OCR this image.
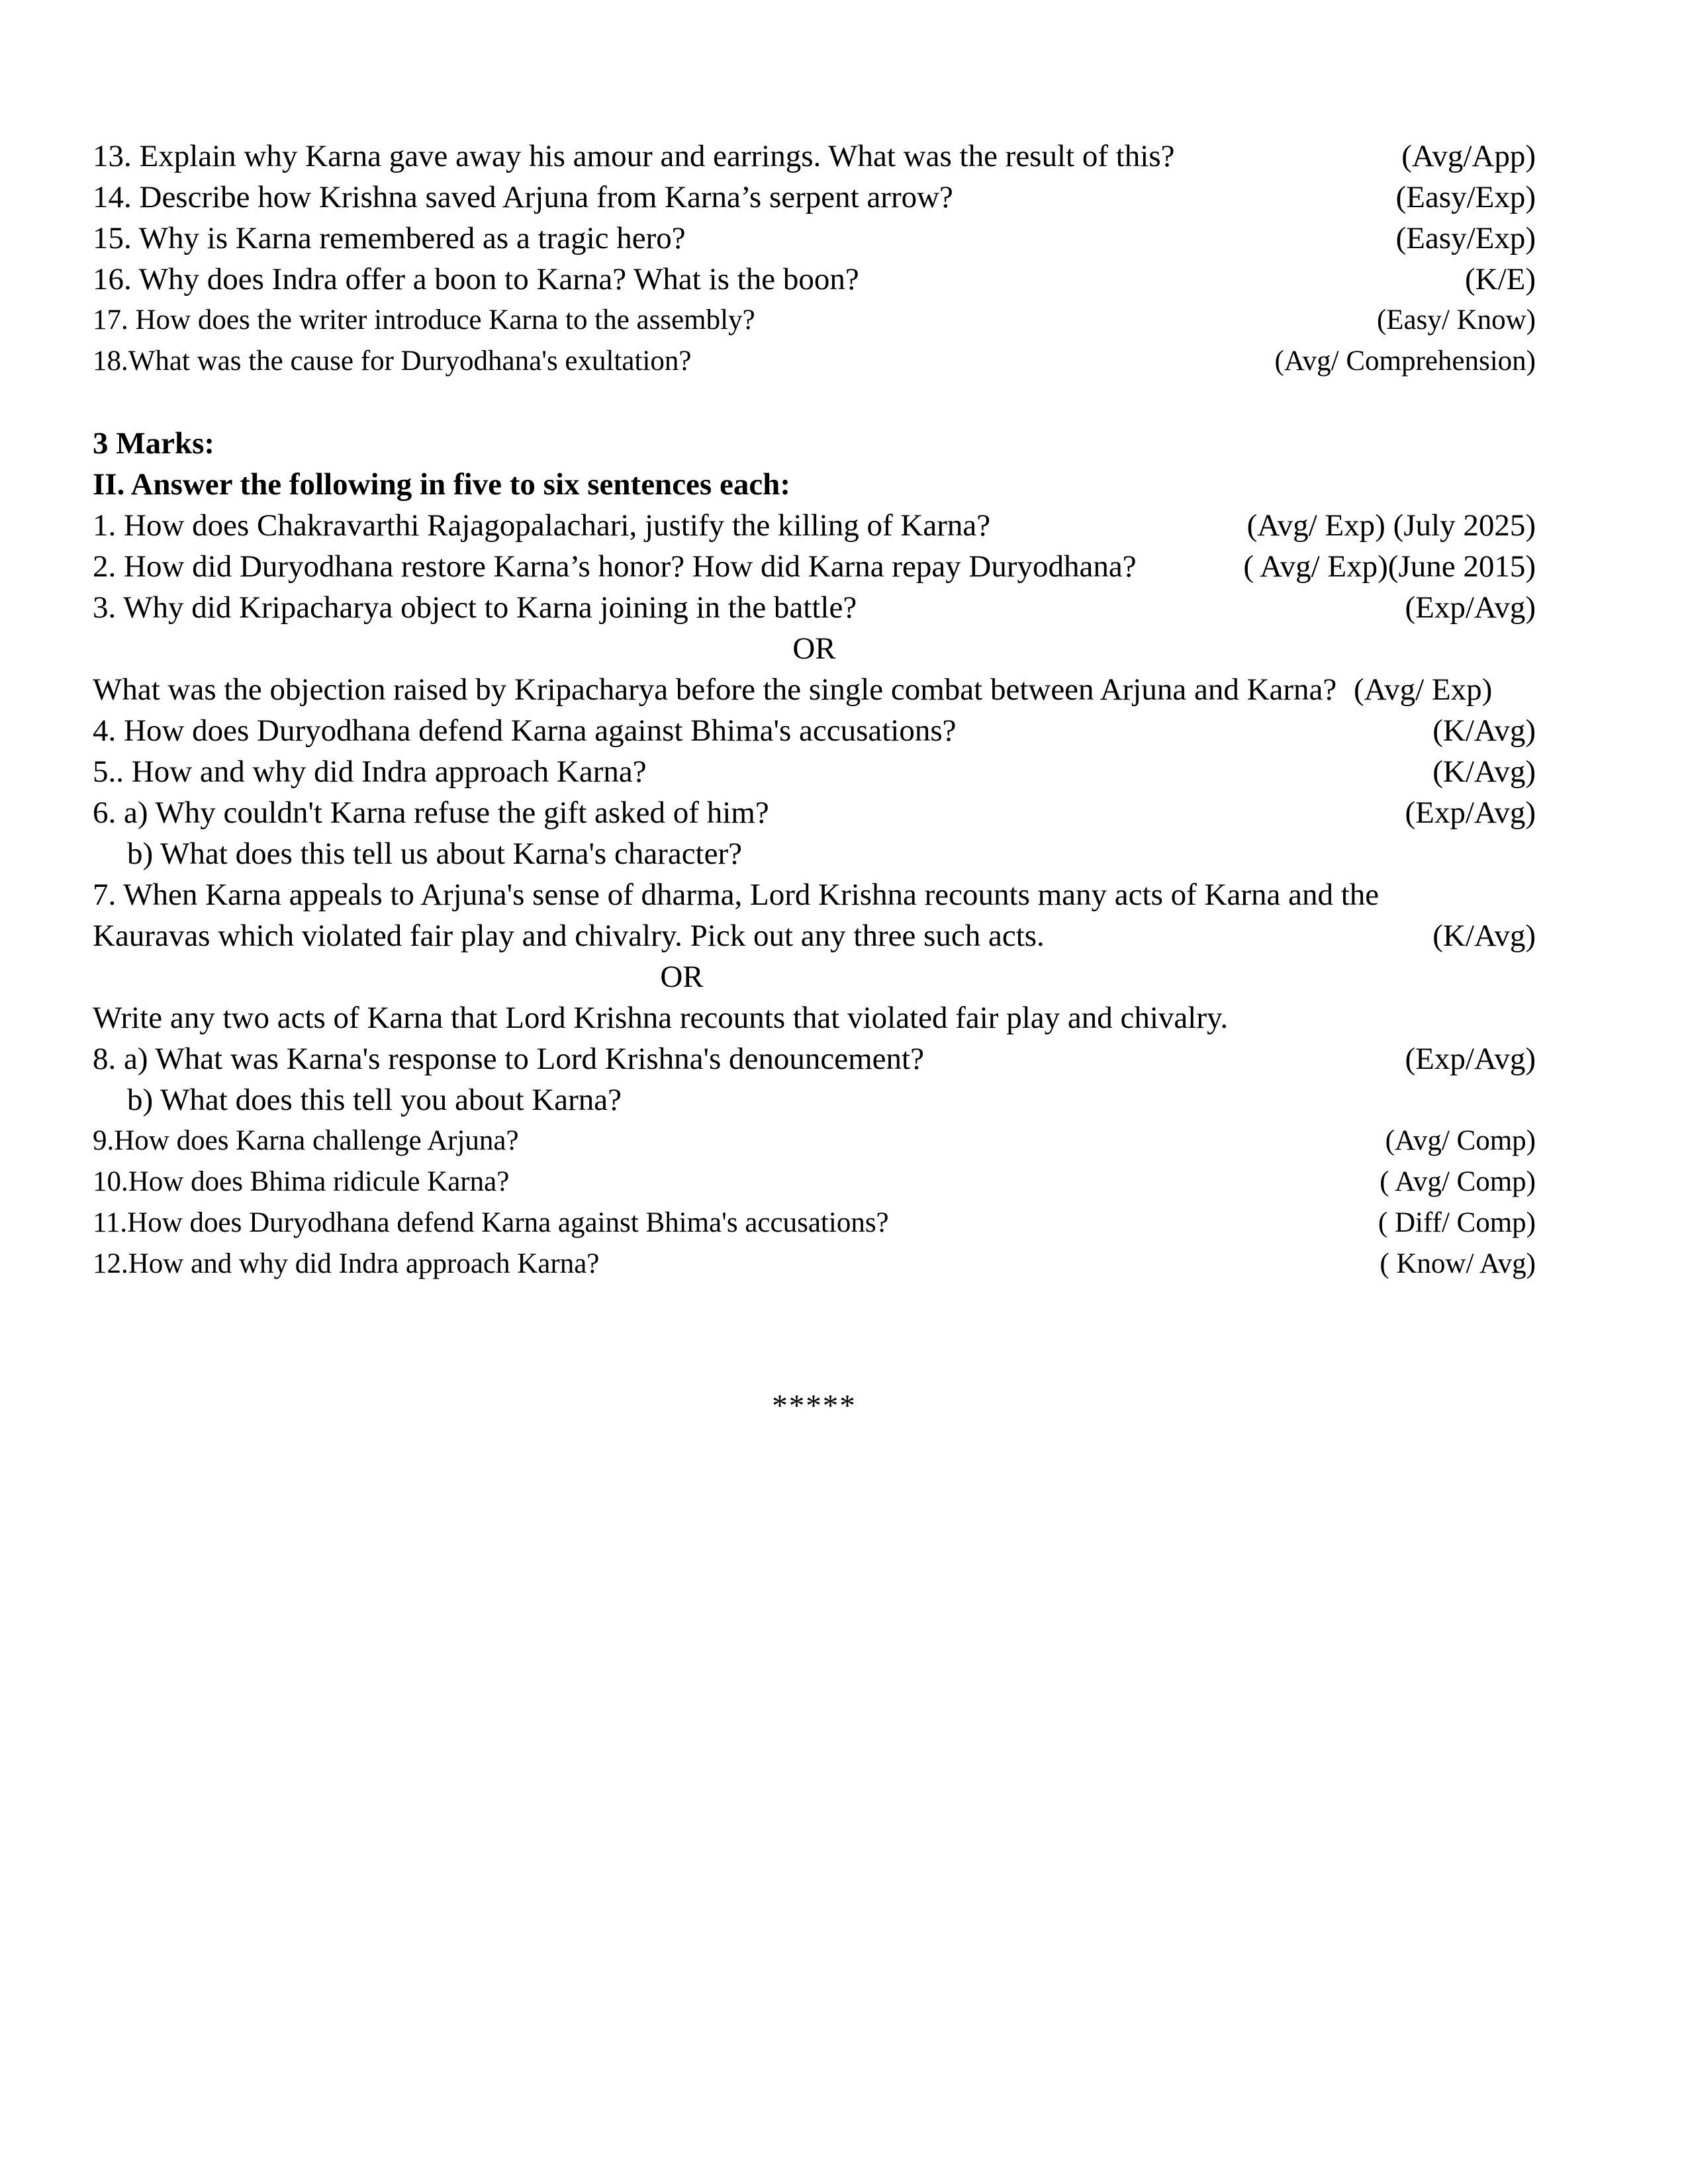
13. Explain why Karna gave away his amour and earrings. What was the result of this?	(Avg/App)
14. Describe how Krishna saved Arjuna from Karna’s serpent arrow?	(Easy/Exp)
15. Why is Karna remembered as a tragic hero?	(Easy/Exp)
16. Why does Indra offer a boon to Karna? What is the boon?	(K/E)
17. How does the writer introduce Karna to the assembly?	(Easy/ Know)
18.What was the cause for Duryodhana's exultation?	(Avg/ Comprehension)
3 Marks:
II. Answer the following in five to six sentences each:
1. How does Chakravarthi Rajagopalachari, justify the killing of Karna?	(Avg/ Exp) (July 2025)
2. How did Duryodhana restore Karna’s honor? How did Karna repay Duryodhana?	( Avg/ Exp)(June 2015)
3. Why did Kripacharya object to Karna joining in the battle?	(Exp/Avg)
OR
What was the objection raised by Kripacharya before the single combat between Arjuna and Karna? (Avg/ Exp)
4. How does Duryodhana defend Karna against Bhima's accusations?	(K/Avg)
5.. How and why did Indra approach Karna?	(K/Avg)
6. a) Why couldn't Karna refuse the gift asked of him?	(Exp/Avg)
b) What does this tell us about Karna's character?
7. When Karna appeals to Arjuna's sense of dharma, Lord Krishna recounts many acts of Karna and the
Kauravas which violated fair play and chivalry. Pick out any three such acts.	(K/Avg)
OR
Write any two acts of Karna that Lord Krishna recounts that violated fair play and chivalry.
8. a) What was Karna's response to Lord Krishna's denouncement?	(Exp/Avg)
b) What does this tell you about Karna?
9.How does Karna challenge Arjuna?	(Avg/ Comp)
10.How does Bhima ridicule Karna?	( Avg/ Comp)
11.How does Duryodhana defend Karna against Bhima's accusations?	( Diff/ Comp)
12.How and why did Indra approach Karna?	( Know/ Avg)
*****
